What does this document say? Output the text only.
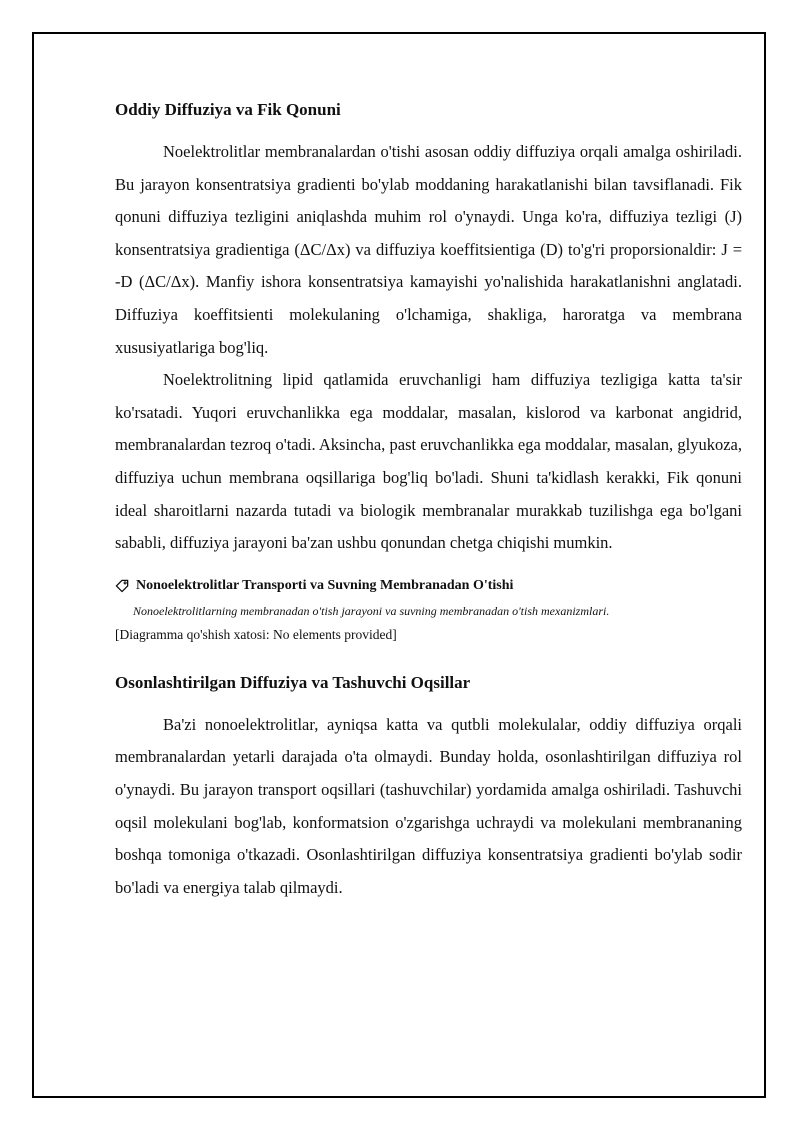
Oddiy Diffuziya va Fik Qonuni

Noelektrolitlar membranalardan o'tishi asosan oddiy diffuziya orqali amalga oshiriladi. Bu jarayon konsentratsiya gradienti bo'ylab moddaning harakatlanishi bilan tavsiflanadi. Fik qonuni diffuziya tezligini aniqlashda muhim rol o'ynaydi. Unga ko'ra, diffuziya tezligi (J) konsentratsiya gradientiga (ΔC/Δx) va diffuziya koeffitsientiga (D) to'g'ri proporsionaldir: J = -D (ΔC/Δx). Manfiy ishora konsentratsiya kamayishi yo'nalishida harakatlanishni anglatadi. Diffuziya koeffitsienti molekulaning o'lchamiga, shakliga, haroratga va membrana xususiyatlariga bog'liq.

Noelektrolitning lipid qatlamida eruvchanligi ham diffuziya tezligiga katta ta'sir ko'rsatadi. Yuqori eruvchanlikka ega moddalar, masalan, kislorod va karbonat angidrid, membranalardan tezroq o'tadi. Aksincha, past eruvchanlikka ega moddalar, masalan, glyukoza, diffuziya uchun membrana oqsillariga bog'liq bo'ladi. Shuni ta'kidlash kerakki, Fik qonuni ideal sharoitlarni nazarda tutadi va biologik membranalar murakkab tuzilishga ega bo'lgani sababli, diffuziya jarayoni ba'zan ushbu qonundan chetga chiqishi mumkin.

Nonoelektrolitlar Transporti va Suvning Membranadan O'tishi
Nonoelektrolitlarning membranadan o'tish jarayoni va suvning membranadan o'tish mexanizmlari.
[Diagramma qo'shish xatosi: No elements provided]
Osonlashtirilgan Diffuziya va Tashuvchi Oqsillar

Ba'zi nonoelektrolitlar, ayniqsa katta va qutbli molekulalar, oddiy diffuziya orqali membranalardan yetarli darajada o'ta olmaydi. Bunday holda, osonlashtirilgan diffuziya rol o'ynaydi. Bu jarayon transport oqsillari (tashuvchilar) yordamida amalga oshiriladi. Tashuvchi oqsil molekulani bog'lab, konformatsion o'zgarishga uchraydi va molekulani membrananing boshqa tomoniga o'tkazadi. Osonlashtirilgan diffuziya konsentratsiya gradienti bo'ylab sodir bo'ladi va energiya talab qilmaydi.
